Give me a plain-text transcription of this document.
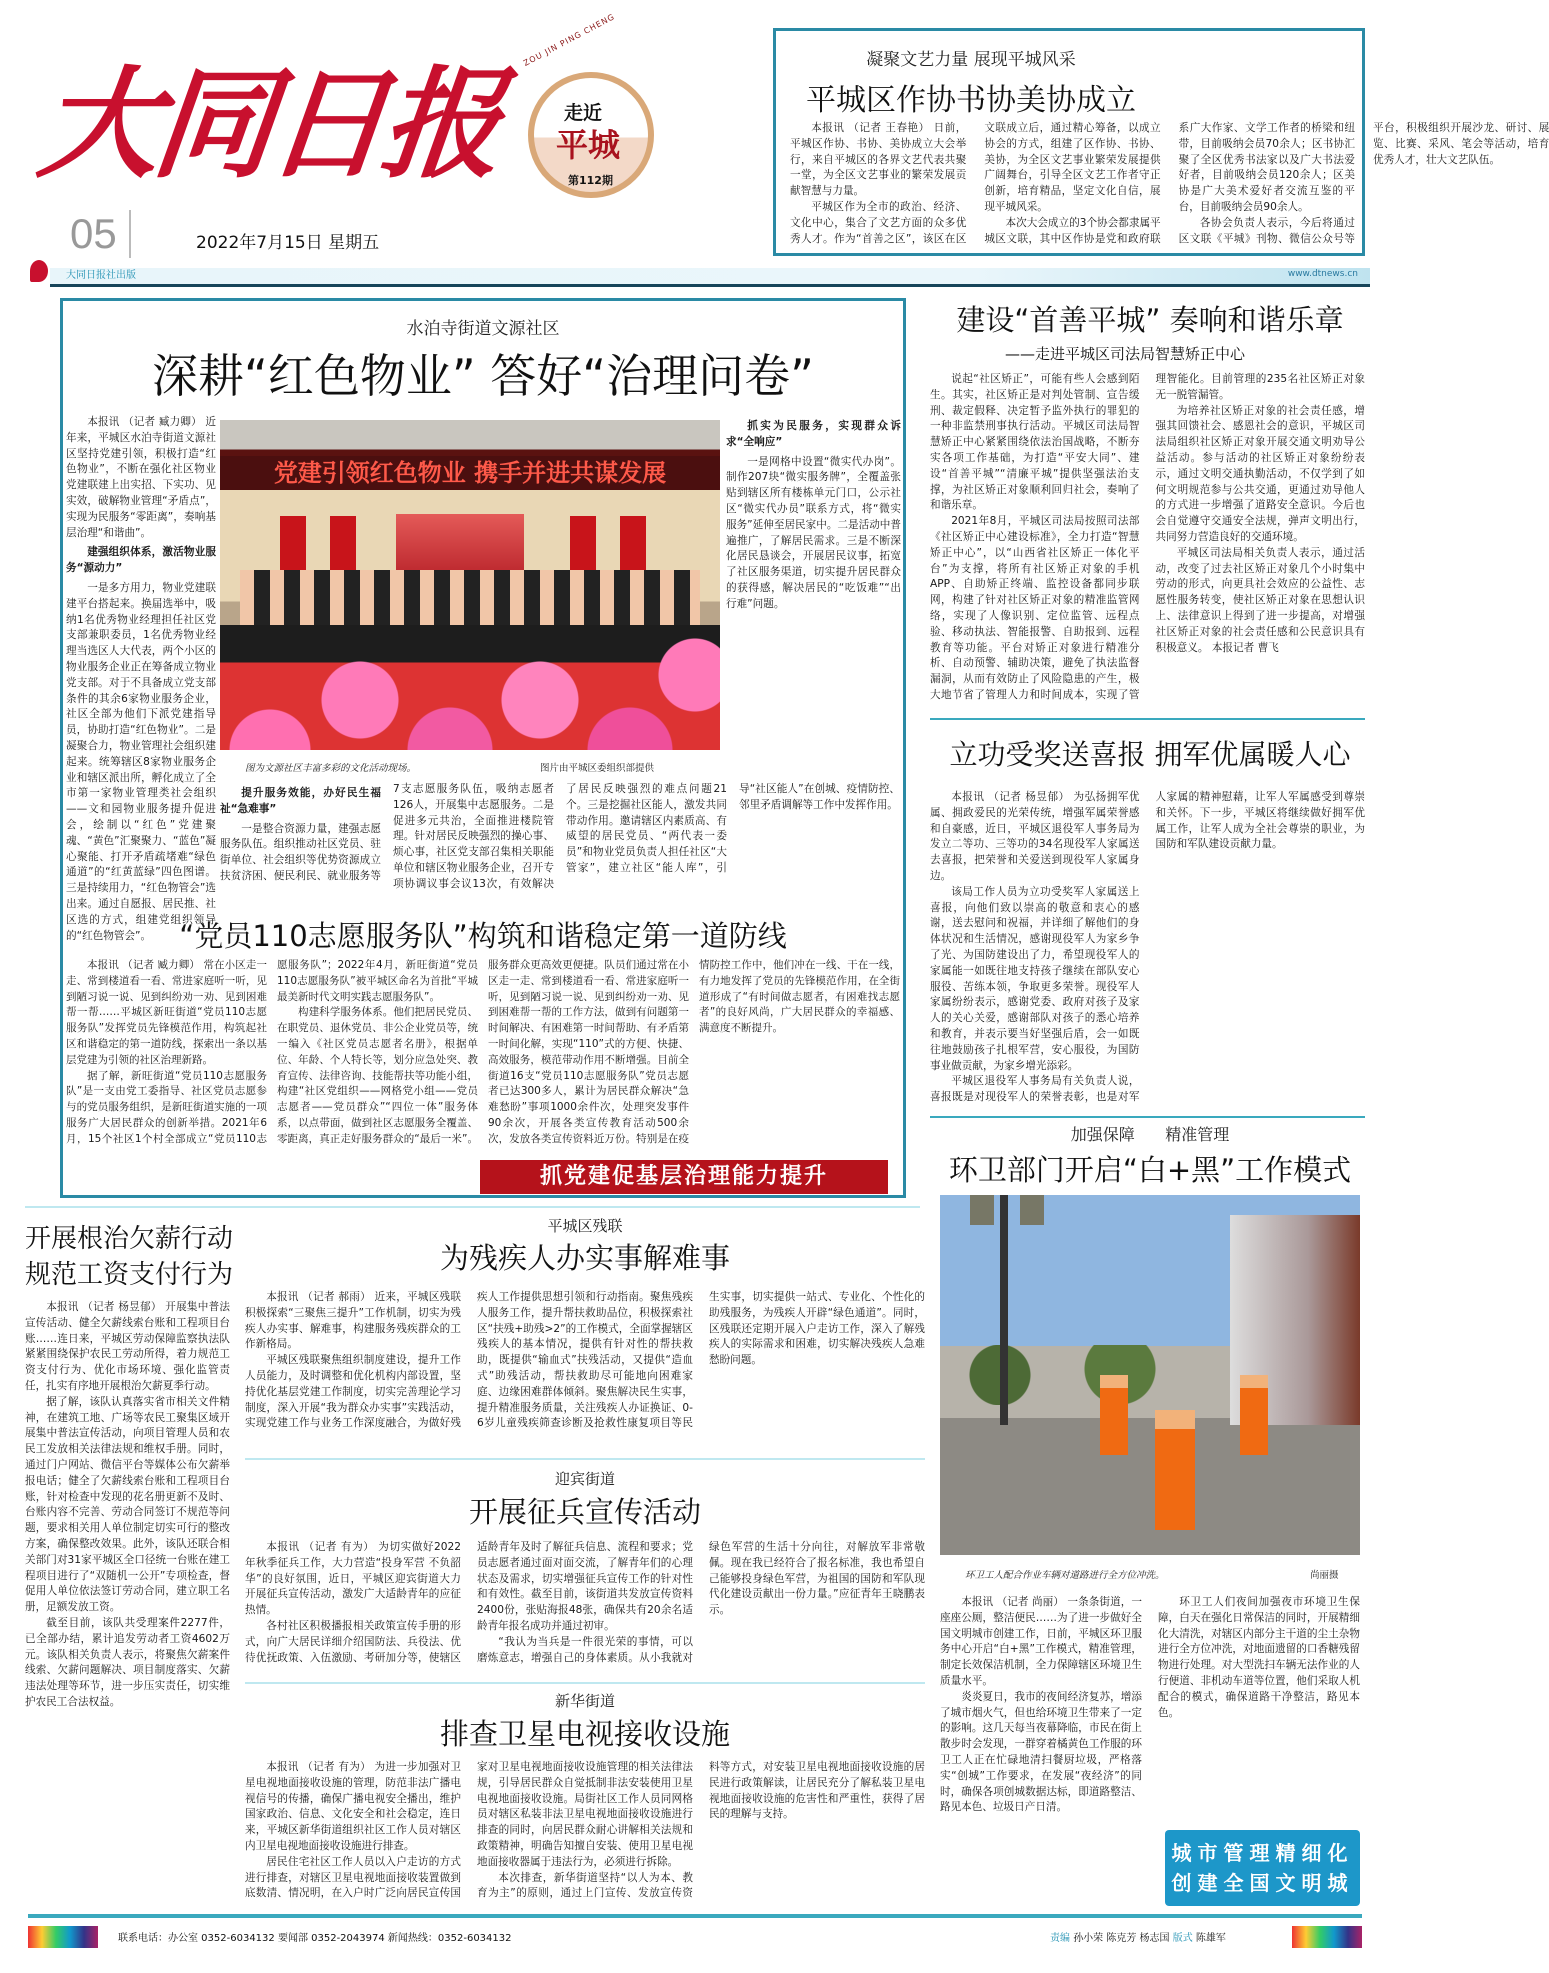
大同日报
ZOU JIN PING CHENG
走近
平城
第112期
05	2022年7月15日 星期五
大同日报社出版	www.dtnews.cn
凝聚文艺力量 展现平城风采
平城区作协书协美协成立

本报讯 （记者 王春艳） 日前，平城区作协、书协、美协成立大会举行，来自平城区的各界文艺代表共聚一堂，为全区文艺事业的繁荣发展贡献智慧与力量。

平城区作为全市的政治、经济、文化中心，集合了文艺方面的众多优秀人才。作为“首善之区”，该区在区文联成立后，通过精心筹备，以成立协会的方式，组建了区作协、书协、美协，为全区文艺事业繁荣发展提供广阔舞台，引导全区文艺工作者守正创新，培育精品，坚定文化自信，展现平城风采。

本次大会成立的3个协会都隶属平城区文联，其中区作协是党和政府联系广大作家、文学工作者的桥梁和纽带，目前吸纳会员70余人；区书协汇聚了全区优秀书法家以及广大书法爱好者，目前吸纳会员120余人；区美协是广大美术爱好者交流互鉴的平台，目前吸纳会员90余人。

各协会负责人表示，今后将通过区文联《平城》刊物、微信公众号等平台，积极组织开展沙龙、研讨、展览、比赛、采风、笔会等活动，培育优秀人才，壮大文艺队伍。

水泊寺街道文源社区
深耕“红色物业” 答好“治理问卷”
党建引领红色物业 携手并进共谋发展
图为文源社区丰富多彩的文化活动现场。	图片由平城区委组织部提供

本报讯 （记者 臧力卿） 近年来，平城区水泊寺街道文源社区坚持党建引领，积极打造“红色物业”，不断在强化社区物业党建联建上出实招、下实功、见实效，破解物业管理“矛盾点”，实现为民服务“零距离”，奏响基层治理“和谐曲”。

建强组织体系，激活物业服务“源动力”

一是多方用力，物业党建联建平台搭起来。换届选举中，吸纳1名优秀物业经理担任社区党支部兼职委员，1名优秀物业经理当选区人大代表，两个小区的物业服务企业正在筹备成立物业党支部。对于不具备成立党支部条件的其余6家物业服务企业，社区全部为他们下派党建指导员，协助打造“红色物业”。二是凝聚合力，物业管理社会组织建起来。统筹辖区8家物业服务企业和辖区派出所，孵化成立了全市第一家物业管理类社会组织——文和园物业服务提升促进会，绘制以“红色”党建聚魂、“黄色”汇聚聚力、“蓝色”凝心聚能、打开矛盾疏堵难“绿色通道”的“红黄蓝绿”四色图谱。三是持续用力，“红色物管会”选出来。通过自愿报、居民推、社区选的方式，组建党组织领导的“红色物管会”。

提升服务效能，办好民生福祉“急难事”

一是整合资源力量，建强志愿服务队伍。组织推动社区党员、驻街单位、社会组织等优势资源成立扶贫济困、便民利民、就业服务等7支志愿服务队伍，吸纳志愿者126人，开展集中志愿服务。二是促进多元共治，全面推进楼院管理。针对居民反映强烈的操心事、烦心事，社区党支部召集相关职能单位和辖区物业服务企业，召开专项协调议事会议13次，有效解决了居民反映强烈的难点问题21个。三是挖掘社区能人，激发共同带动作用。邀请辖区内素质高、有威望的居民党员、“两代表一委员”和物业党员负责人担任社区“大管家”，建立社区“能人库”，引导“社区能人”在创城、疫情防控、邻里矛盾调解等工作中发挥作用。

抓实为民服务，实现群众诉求“全响应”

一是网格中设置“微实代办岗”。制作207块“微实服务牌”，全覆盖张贴到辖区所有楼栋单元门口，公示社区“微实代办员”联系方式，将“微实服务”延伸至居民家中。二是活动中普遍推广，了解居民需求。三是不断深化居民恳谈会，开展居民议事，拓宽了社区服务渠道，切实提升居民群众的获得感，解决居民的“吃饭难”“出行难”问题。

“党员110志愿服务队”构筑和谐稳定第一道防线

本报讯 （记者 臧力卿） 常在小区走一走、常到楼道看一看、常进家庭听一听，见到陋习说一说、见到纠纷劝一劝、见到困难帮一帮……平城区新旺街道“党员110志愿服务队”发挥党员先锋模范作用，构筑起社区和谐稳定的第一道防线，探索出一条以基层党建为引领的社区治理新路。

据了解，新旺街道“党员110志愿服务队”是一支由党工委指导、社区党员志愿参与的党员服务组织，是新旺街道实施的一项服务广大居民群众的创新举措。2021年6月，15个社区1个村全部成立“党员110志愿服务队”；2022年4月，新旺街道“党员110志愿服务队”被平城区命名为首批“平城最美新时代文明实践志愿服务队”。

构建科学服务体系。他们把居民党员、在职党员、退休党员、非公企业党员等，统一编入《社区党员志愿者名册》，根据单位、年龄、个人特长等，划分应急处突、教育宣传、法律咨询、技能帮扶等功能小组，构建“社区党组织——网格党小组——党员志愿者——党员群众”“四位一体”服务体系，以点带面，做到社区志愿服务全覆盖、零距离，真正走好服务群众的“最后一米”。服务群众更高效更便捷。队员们通过常在小区走一走、常到楼道看一看、常进家庭听一听，见到陋习说一说、见到纠纷劝一劝、见到困难帮一帮的工作方法，做到有问题第一时间解决、有困难第一时间帮助、有矛盾第一时间化解，实现“110”式的方便、快捷、高效服务，模范带动作用不断增强。目前全街道16支“党员110志愿服务队”党员志愿者已达300多人，累计为居民群众解决“急难愁盼”事项1000余件次，处理突发事件90余次，开展各类宣传教育活动500余次，发放各类宣传资料近万份。特别是在疫情防控工作中，他们冲在一线、干在一线，有力地发挥了党员的先锋模范作用，在全街道形成了“有时间做志愿者，有困难找志愿者”的良好风尚，广大居民群众的幸福感、满意度不断提升。

抓党建促基层治理能力提升
建设“首善平城” 奏响和谐乐章
——走进平城区司法局智慧矫正中心

说起“社区矫正”，可能有些人会感到陌生。其实，社区矫正是对判处管制、宣告缓刑、裁定假释、决定暂予监外执行的罪犯的一种非监禁刑事执行活动。平城区司法局智慧矫正中心紧紧围绕依法治国战略，不断夯实各项工作基础，为打造“平安大同”、建设“首善平城”“清廉平城”提供坚强法治支撑，为社区矫正对象顺利回归社会，奏响了和谐乐章。

2021年8月，平城区司法局按照司法部《社区矫正中心建设标准》，全力打造“智慧矫正中心”，以“山西省社区矫正一体化平台”为支撑，将所有社区矫正对象的手机APP、自助矫正终端、监控设备都同步联网，构建了针对社区矫正对象的精准监管网络，实现了人像识别、定位监管、远程点验、移动执法、智能报警、自助报到、远程教育等功能。平台对矫正对象进行精准分析、自动预警、辅助决策，避免了执法监督漏洞，从而有效防止了风险隐患的产生，极大地节省了管理人力和时间成本，实现了管理智能化。目前管理的235名社区矫正对象无一脱管漏管。

为培养社区矫正对象的社会责任感，增强其回馈社会、感恩社会的意识，平城区司法局组织社区矫正对象开展交通文明劝导公益活动。参与活动的社区矫正对象纷纷表示，通过文明交通执勤活动，不仅学到了如何文明规范参与公共交通，更通过劝导他人的方式进一步增强了道路安全意识。今后也会自觉遵守交通安全法规，弹声文明出行，共同努力营造良好的交通环境。

平城区司法局相关负责人表示，通过活动，改变了过去社区矫正对象几个小时集中劳动的形式，向更具社会效应的公益性、志愿性服务转变，使社区矫正对象在思想认识上、法律意识上得到了进一步提高，对增强社区矫正对象的社会责任感和公民意识具有积极意义。 本报记者 曹飞

立功受奖送喜报 拥军优属暖人心

本报讯 （记者 杨昱郁） 为弘扬拥军优属、拥政爱民的光荣传统，增强军属荣誉感和自豪感，近日，平城区退役军人事务局为发立二等功、三等功的34名现役军人家属送去喜报，把荣誉和关爱送到现役军人家属身边。

该局工作人员为立功受奖军人家属送上喜报，向他们致以崇高的敬意和衷心的感谢，送去慰问和祝福，并详细了解他们的身体状况和生活情况，感谢现役军人为家乡争了光、为国防建设出了力，希望现役军人的家属能一如既往地支持孩子继续在部队安心服役、苦练本领，争取更多荣誉。现役军人家属纷纷表示，感谢党委、政府对孩子及家人的关心关爱，感谢部队对孩子的悉心培养和教育，并表示要当好坚强后盾，会一如既往地鼓励孩子扎根军营，安心服役，为国防事业做贡献，为家乡增光添彩。

平城区退役军人事务局有关负责人说，喜报既是对现役军人的荣誉表彰，也是对军人家属的精神慰藉，让军人军属感受到尊崇和关怀。下一步，平城区将继续做好拥军优属工作，让军人成为全社会尊崇的职业，为国防和军队建设贡献力量。

加强保障      精准管理
环卫部门开启“白+黑”工作模式
环卫工人配合作业车辆对道路进行全方位冲洗。	尚丽摄

本报讯 （记者 尚丽） 一条条街道，一座座公厕，整洁便民……为了进一步做好全国文明城市创建工作，日前，平城区环卫服务中心开启“白+黑”工作模式，精准管理，制定长效保洁机制，全力保障辖区环境卫生质量水平。

炎炎夏日，我市的夜间经济复苏，增添了城市烟火气，但也给环境卫生带来了一定的影响。这几天每当夜幕降临，市民在街上散步时会发现，一群穿着橘黄色工作服的环卫工人正在忙碌地清扫餐厨垃圾，严格落实“创城”工作要求，在发展“夜经济”的同时，确保各项创城数据达标，即道路整洁、路见本色、垃圾日产日清。

环卫工人们夜间加强夜市环境卫生保障，白天在强化日常保洁的同时，开展精细化大清洗，对辖区内部分主干道的尘土杂物进行全方位冲洗，对地面遗留的口香糖残留物进行处理。对大型洗扫车辆无法作业的人行便道、非机动车道等位置，他们采取人机配合的模式，确保道路干净整洁，路见本色。

城市管理精细化
创建全国文明城
开展根治欠薪行动
规范工资支付行为

本报讯 （记者 杨昱郁） 开展集中普法宣传活动、健全欠薪线索台账和工程项目台账……连日来，平城区劳动保障监察执法队紧紧围绕保护农民工劳动所得，着力规范工资支付行为、优化市场环境、强化监管责任，扎实有序地开展根治欠薪夏季行动。

据了解，该队认真落实省市相关文件精神，在建筑工地、广场等农民工聚集区域开展集中普法宣传活动，向项目管理人员和农民工发放相关法律法规和维权手册。同时，通过门户网站、微信平台等媒体公布欠薪举报电话；健全了欠薪线索台账和工程项目台账，针对检查中发现的花名册更新不及时、台账内容不完善、劳动合同签订不规范等问题，要求相关用人单位制定切实可行的整改方案，确保整改效果。此外，该队还联合相关部门对31家平城区全口径统一台账在建工程项目进行了“双随机一公开”专项检查，督促用人单位依法签订劳动合同，建立职工名册，足额发放工资。

截至目前，该队共受理案件2277件，已全部办结，累计追发劳动者工资4602万元。该队相关负责人表示，将聚焦欠薪案件线索、欠薪问题解决、项目制度落实、欠薪违法处理等环节，进一步压实责任，切实维护农民工合法权益。

平城区残联
为残疾人办实事解难事

本报讯 （记者 郝雨） 近来，平城区残联积极探索“三聚焦三提升”工作机制，切实为残疾人办实事、解难事，构建服务残疾群众的工作新格局。

平城区残联聚焦组织制度建设，提升工作人员能力，及时调整和优化机构内部设置，坚持优化基层党建工作制度，切实完善理论学习制度，深入开展“我为群众办实事”实践活动，实现党建工作与业务工作深度融合，为做好残疾人工作提供思想引领和行动指南。聚焦残疾人服务工作，提升帮扶救助品位，积极探索社区“扶残+助残>2”的工作模式，全面掌握辖区残疾人的基本情况，提供有针对性的帮扶救助，既提供“输血式”扶残活动，又提供“造血式”助残活动，帮扶救助尽可能地向困难家庭、边缘困难群体倾斜。聚焦解决民生实事，提升精准服务质量，关注残疾人办证换证、0-6岁儿童残疾筛查诊断及抢救性康复项目等民生实事，切实提供一站式、专业化、个性化的助残服务，为残疾人开辟“绿色通道”。同时，区残联还定期开展入户走访工作，深入了解残疾人的实际需求和困难，切实解决残疾人急难愁盼问题。

迎宾街道
开展征兵宣传活动

本报讯 （记者 有为） 为切实做好2022年秋季征兵工作，大力营造“投身军营 不负韶华”的良好氛围，近日，平城区迎宾街道大力开展征兵宣传活动，激发广大适龄青年的应征热情。

各村社区积极播报相关政策宣传手册的形式，向广大居民详细介绍国防法、兵役法、优待优抚政策、入伍激励、考研加分等，使辖区适龄青年及时了解征兵信息、流程和要求；党员志愿者通过面对面交流，了解青年们的心理状态及需求，切实增强征兵宣传工作的针对性和有效性。截至目前，该街道共发放宣传资料2400份，张贴海报48张，确保共有20余名适龄青年报名成功并通过初审。

“我认为当兵是一件很光荣的事情，可以磨炼意志，增强自己的身体素质。从小我就对绿色军营的生活十分向往，对解放军非常敬佩。现在我已经符合了报名标准，我也希望自己能够投身绿色军营，为祖国的国防和军队现代化建设贡献出一份力量。”应征青年王晓鹏表示。

新华街道
排查卫星电视接收设施

本报讯 （记者 有为） 为进一步加强对卫星电视地面接收设施的管理，防范非法广播电视信号的传播，确保广播电视安全播出，维护国家政治、信息、文化安全和社会稳定，连日来，平城区新华街道组织社区工作人员对辖区内卫星电视地面接收设施进行排查。

居民住宅社区工作人员以入户走访的方式进行排查，对辖区卫星电视地面接收装置做到底数清、情况明，在入户时广泛向居民宣传国家对卫星电视地面接收设施管理的相关法律法规，引导居民群众自觉抵制非法安装使用卫星电视地面接收设施。局街社区工作人员同网格员对辖区私装非法卫星电视地面接收设施进行排查的同时，向居民群众耐心讲解相关法规和政策精神，明确告知擅自安装、使用卫星电视地面接收器属于违法行为，必须进行拆除。

本次排查，新华街道坚持“以人为本、教育为主”的原则，通过上门宣传、发放宣传资料等方式，对安装卫星电视地面接收设施的居民进行政策解读，让居民充分了解私装卫星电视地面接收设施的危害性和严重性，获得了居民的理解与支持。

联系电话：办公室 0352-6034132 要闻部 0352-2043974 新闻热线：0352-6034132	责编 孙小荣 陈克芳 杨志国 版式 陈雄军
